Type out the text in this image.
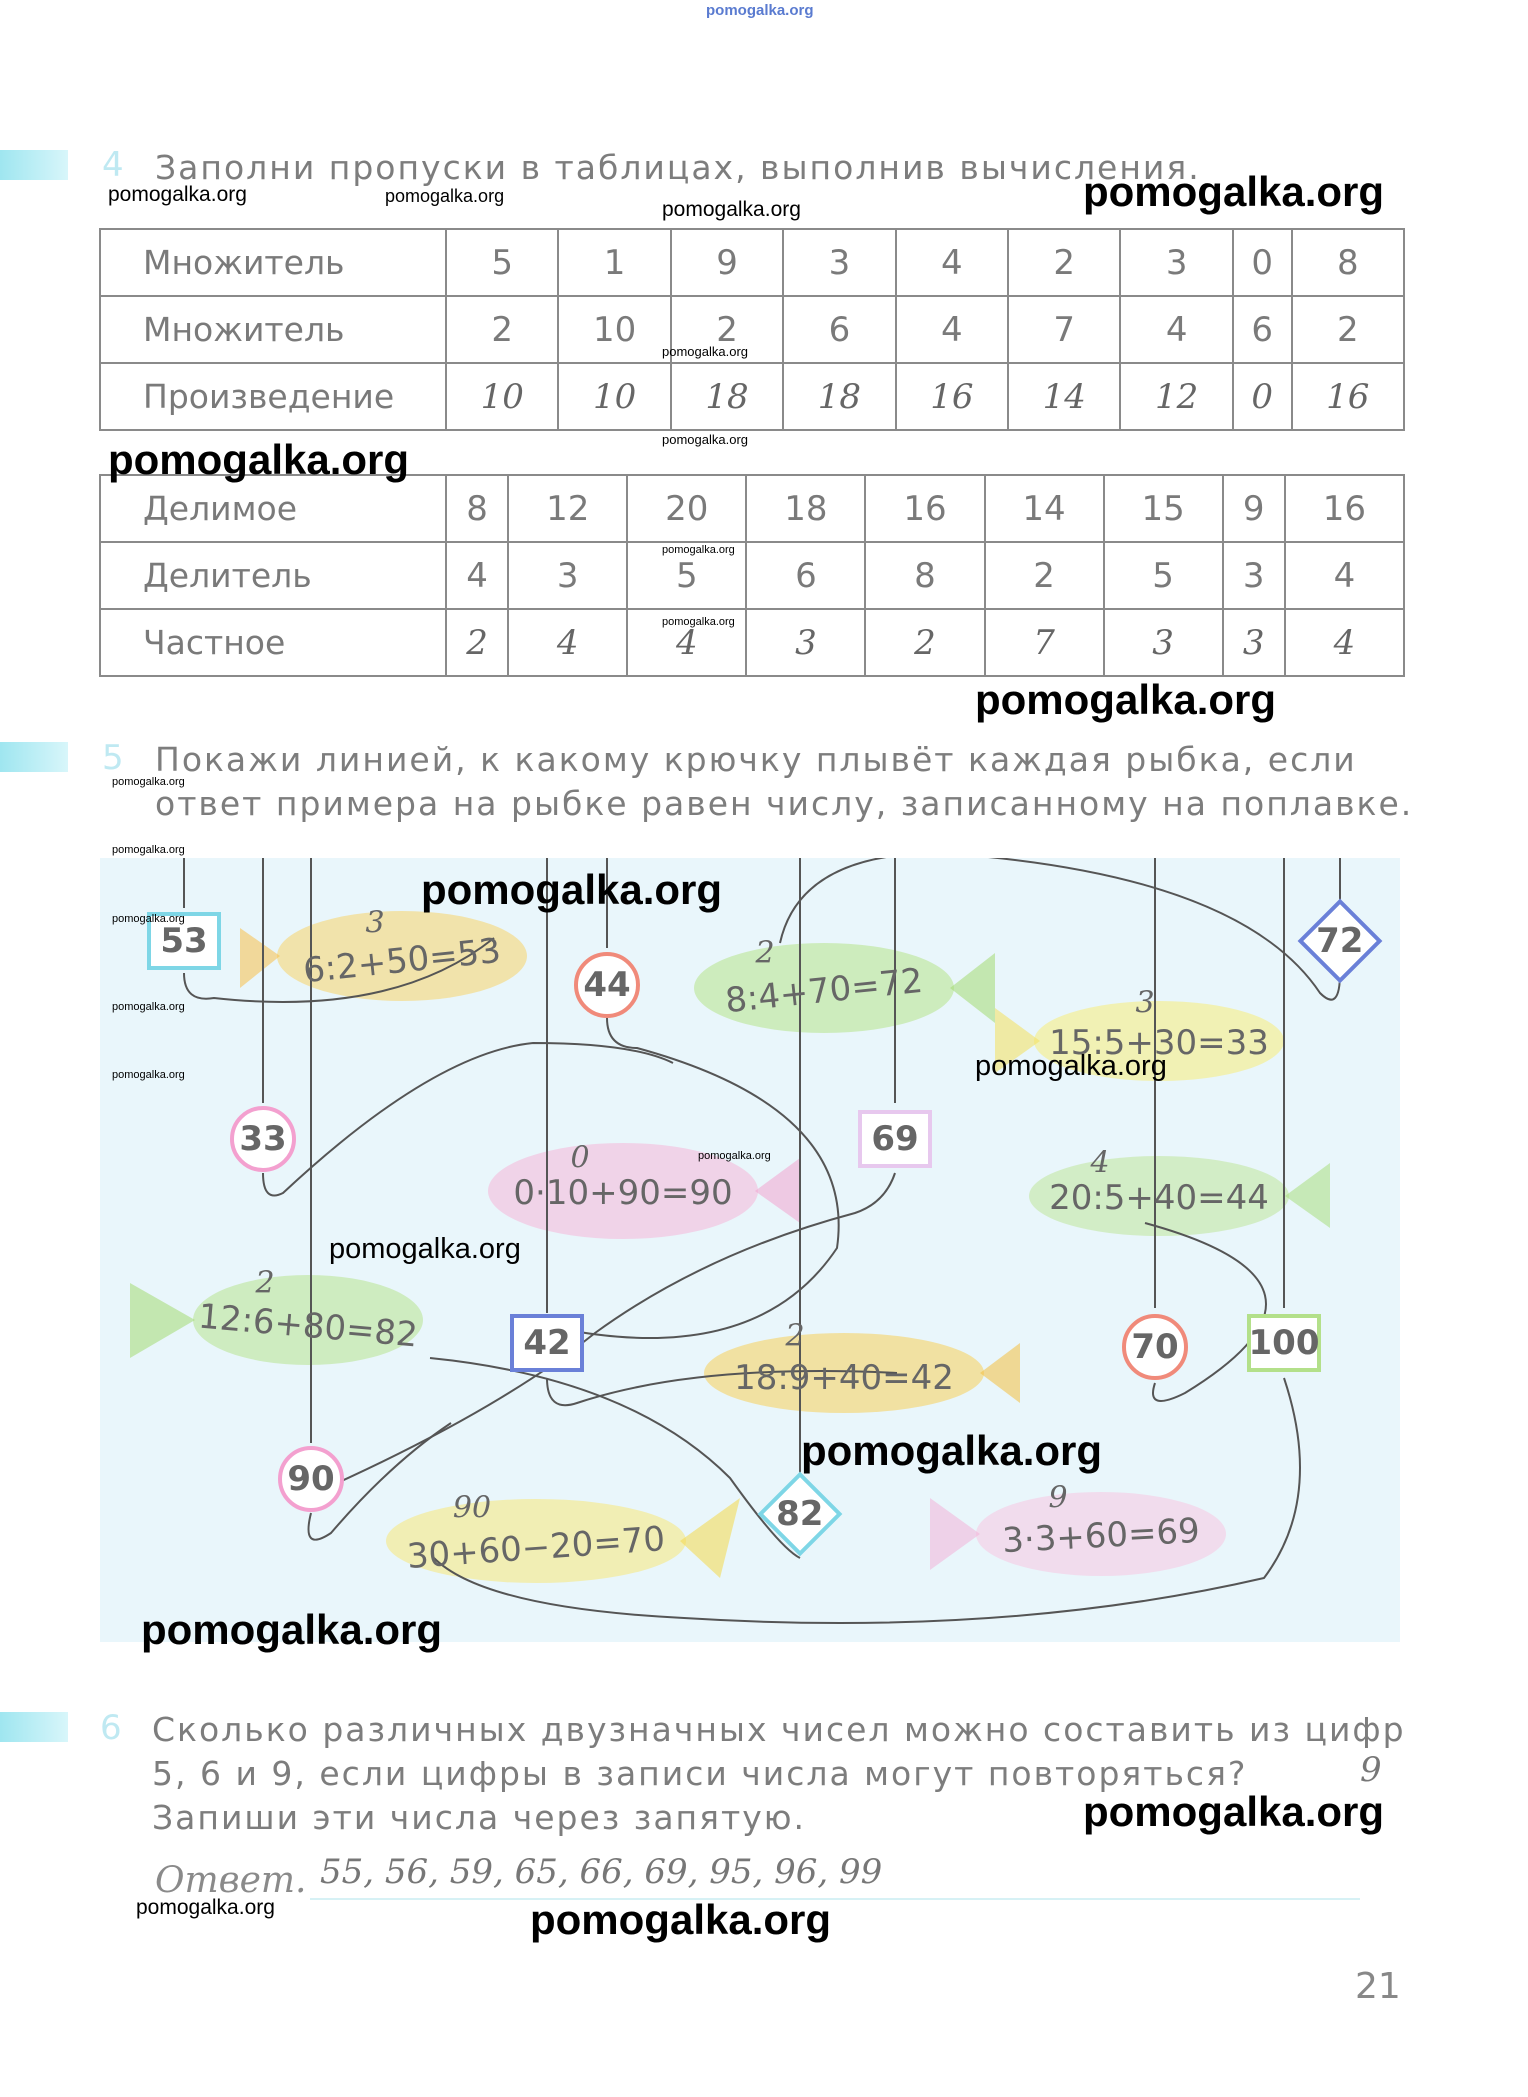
pomogalka.org
4 Заполни пропуски в таблицах, выполнив вычисления.
Множитель	5	1	9	3	4	2	3	0	8
Множитель	2	10	2	6	4	7	4	6	2
Произведение	10	10	18	18	16	14	12	0	16
Делимое	8	12	20	18	16	14	15	9	16
Делитель	4	3	5	6	8	2	5	3	4
Частное	2	4	4	3	2	7	3	3	4
5 Покажи линией, к какому крючку плывёт каждая рыбка, если
ответ примера на рыбке равен числу, записанному на поплавке.
53
44
72
33	69
42	70 100
90
82
6:2+50=53
3
8:4+70=72
2
15:5+30=33
3
0·10+90=90
0
20:5+40=44
4
12:6+80=82
2
18:9+40=42
2
30+60−20=70
90
3·3+60=69
9
6 Сколько различных двузначных чисел можно составить из цифр
5, 6 и 9, если цифры в записи числа могут повторяться?	9
Запиши эти числа через запятую.
Ответ. 55, 56, 59, 65, 66, 69, 95, 96, 99
21
pomogalka.org	pomogalka.org
pomogalka.org	pomogalka.org
pomogalka.org
pomogalka.org
pomogalka.org
pomogalka.org
pomogalka.org
pomogalka.org
pomogalka.org
pomogalka.org
pomogalka.org
pomogalka.org
pomogalka.org
pomogalka.org	pomogalka.org
pomogalka.org
pomogalka.org
pomogalka.org
pomogalka.org
pomogalka.org
pomogalka.org	pomogalka.org
